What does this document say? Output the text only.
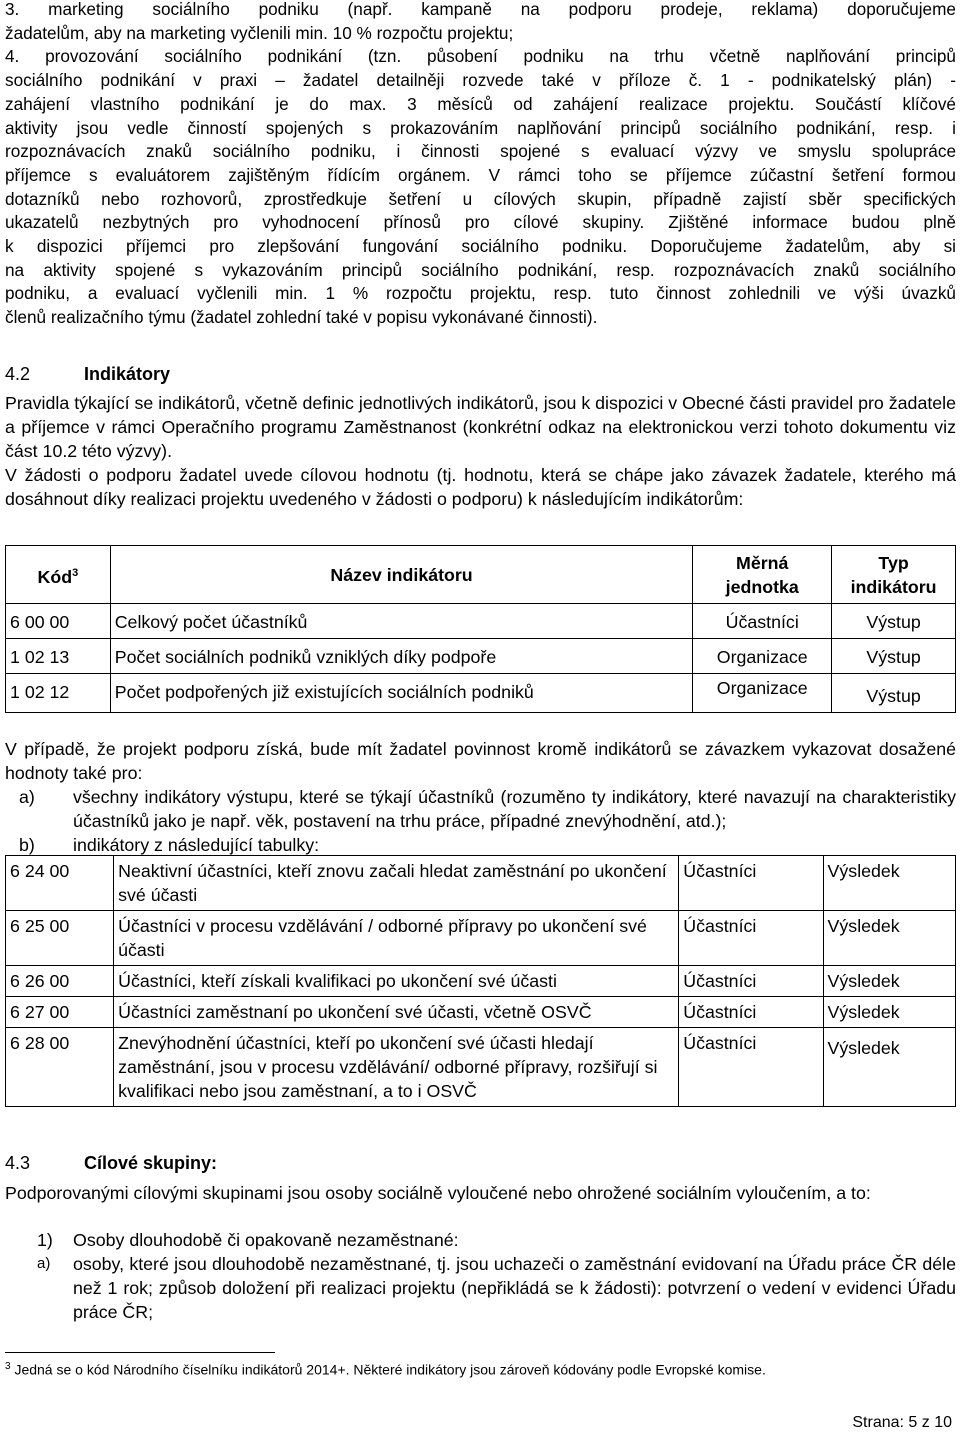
3. marketing sociálního podniku (např. kampaně na podporu prodeje, reklama) doporučujeme
žadatelům, aby na marketing vyčlenili min. 10 % rozpočtu projektu;
4. provozování sociálního podnikání (tzn. působení podniku na trhu včetně naplňování principů
sociálního podnikání v praxi – žadatel detailněji rozvede také v příloze č. 1 - podnikatelský plán) -
zahájení vlastního podnikání je do max. 3 měsíců od zahájení realizace projektu. Součástí klíčové
aktivity jsou vedle činností spojených s prokazováním naplňování principů sociálního podnikání, resp. i
rozpoznávacích znaků sociálního podniku, i činnosti spojené s evaluací výzvy ve smyslu spolupráce
příjemce s evaluátorem zajištěným řídícím orgánem. V rámci toho se příjemce zúčastní šetření formou
dotazníků nebo rozhovorů, zprostředkuje šetření u cílových skupin, případně zajistí sběr specifických
ukazatelů nezbytných pro vyhodnocení přínosů pro cílové skupiny. Zjištěné informace budou plně
k dispozici příjemci pro zlepšování fungování sociálního podniku. Doporučujeme žadatelům, aby si
na aktivity spojené s vykazováním principů sociálního podnikání, resp. rozpoznávacích znaků sociálního
podniku, a evaluací vyčlenili min. 1 % rozpočtu projektu, resp. tuto činnost zohlednili ve výši úvazků
členů realizačního týmu (žadatel zohlední také v popisu vykonávané činnosti).
4.2	Indikátory

Pravidla týkající se indikátorů, včetně definic jednotlivých indikátorů, jsou k dispozici v Obecné části pravidel pro žadatele a příjemce v rámci Operačního programu Zaměstnanost (konkrétní odkaz na elektronickou verzi tohoto dokumentu viz část 10.2 této výzvy).

V žádosti o podporu žadatel uvede cílovou hodnotu (tj. hodnotu, která se chápe jako závazek žadatele, kterého má dosáhnout díky realizaci projektu uvedeného v žádosti o podporu) k následujícím indikátorům:

Kód$^3$	Název indikátoru	Měrná jednotka	Typ indikátoru
6 00 00	Celkový počet účastníků	Účastníci	Výstup
1 02 13	Počet sociálních podniků vzniklých díky podpoře	Organizace	Výstup
1 02 12	Počet podpořených již existujících sociálních podniků	Organizace	Výstup

V případě, že projekt podporu získá, bude mít žadatel povinnost kromě indikátorů se závazkem vykazovat dosažené hodnoty také pro:

a) všechny indikátory výstupu, které se týkají účastníků (rozuměno ty indikátory, které navazují na charakteristiky účastníků jako je např. věk, postavení na trhu práce, případné znevýhodnění, atd.);
b) indikátory z následující tabulky:
6 24 00	Neaktivní účastníci, kteří znovu začali hledat zaměstnání po ukončení své účasti	Účastníci	Výsledek
6 25 00	Účastníci v procesu vzdělávání / odborné přípravy po ukončení své účasti	Účastníci	Výsledek
6 26 00	Účastníci, kteří získali kvalifikaci po ukončení své účasti	Účastníci	Výsledek
6 27 00	Účastníci zaměstnaní po ukončení své účasti, včetně OSVČ	Účastníci	Výsledek
6 28 00	Znevýhodnění účastníci, kteří po ukončení své účasti hledají zaměstnání, jsou v procesu vzdělávání/ odborné přípravy, rozšiřují si kvalifikaci nebo jsou zaměstnaní, a to i OSVČ	Účastníci	Výsledek
4.3	Cílové skupiny:

Podporovanými cílovými skupinami jsou osoby sociálně vyloučené nebo ohrožené sociálním vyloučením, a to:

1) Osoby dlouhodobě či opakovaně nezaměstnané:
a) osoby, které jsou dlouhodobě nezaměstnané, tj. jsou uchazeči o zaměstnání evidovaní na Úřadu práce ČR déle než 1 rok; způsob doložení při realizaci projektu (nepřikládá se k žádosti): potvrzení o vedení v evidenci Úřadu práce ČR;
$^3$ Jedná se o kód Národního číselníku indikátorů 2014+. Některé indikátory jsou zároveň kódovány podle Evropské komise.
Strana: 5 z 10
